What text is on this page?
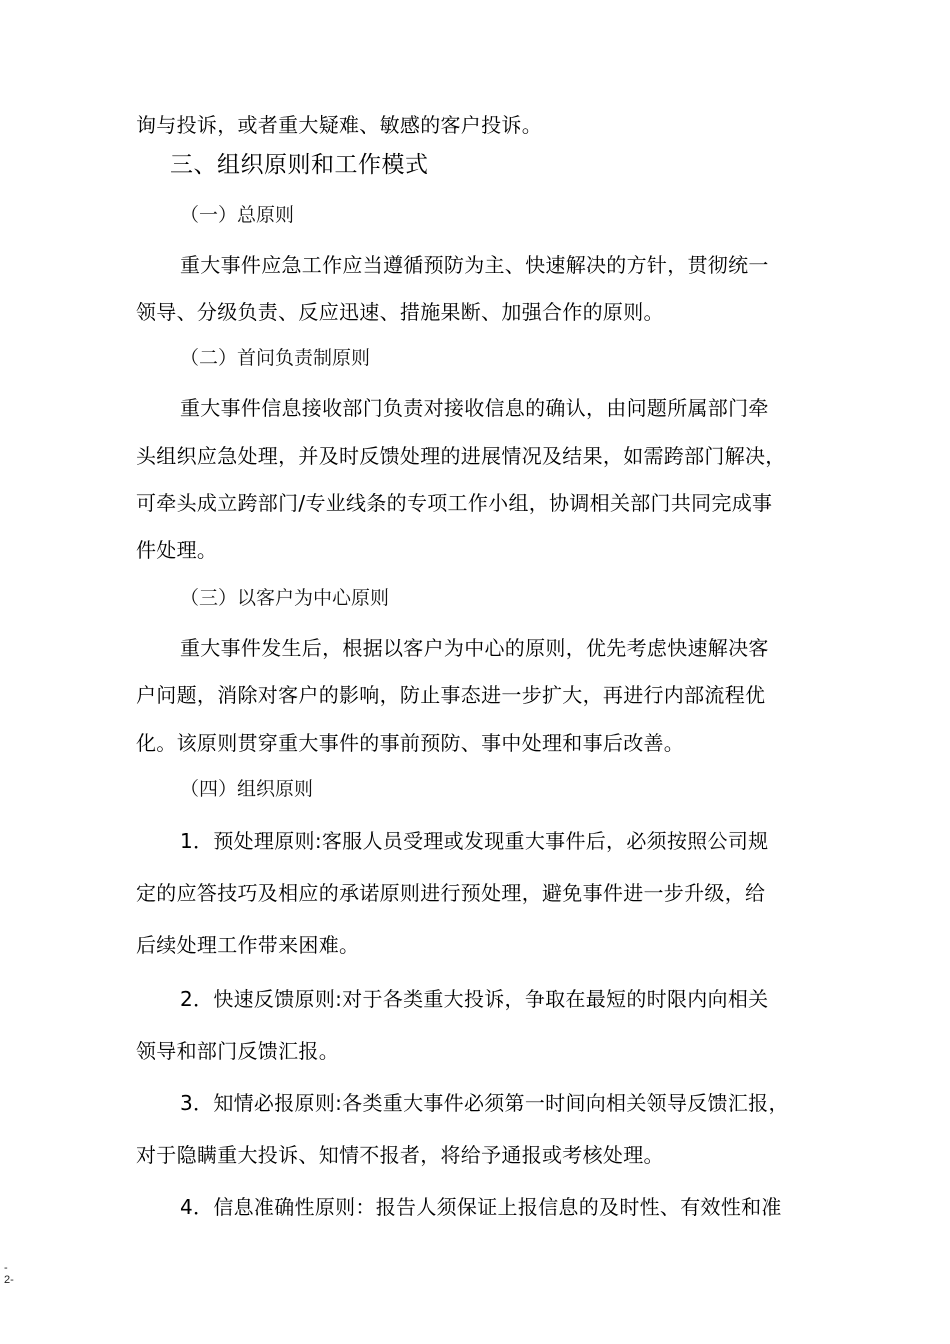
询与投诉，或者重大疑难、敏感的客户投诉。
三、组织原则和工作模式
（一）总原则
重大事件应急工作应当遵循预防为主、快速解决的方针，贯彻统一
领导、分级负责、反应迅速、措施果断、加强合作的原则。
（二）首问负责制原则
重大事件信息接收部门负责对接收信息的确认，由问题所属部门牵
头组织应急处理，并及时反馈处理的进展情况及结果，如需跨部门解决，
可牵头成立跨部门/专业线条的专项工作小组，协调相关部门共同完成事
件处理。
（三）以客户为中心原则
重大事件发生后，根据以客户为中心的原则，优先考虑快速解决客
户问题，消除对客户的影响，防止事态进一步扩大，再进行内部流程优
化。该原则贯穿重大事件的事前预防、事中处理和事后改善。
（四）组织原则
1．预处理原则:客服人员受理或发现重大事件后，必须按照公司规
定的应答技巧及相应的承诺原则进行预处理，避免事件进一步升级，给
后续处理工作带来困难。
2．快速反馈原则:对于各类重大投诉，争取在最短的时限内向相关
领导和部门反馈汇报。
3．知情必报原则:各类重大事件必须第一时间向相关领导反馈汇报，
对于隐瞒重大投诉、知情不报者，将给予通报或考核处理。
4．信息准确性原则：报告人须保证上报信息的及时性、有效性和准
-
2-
